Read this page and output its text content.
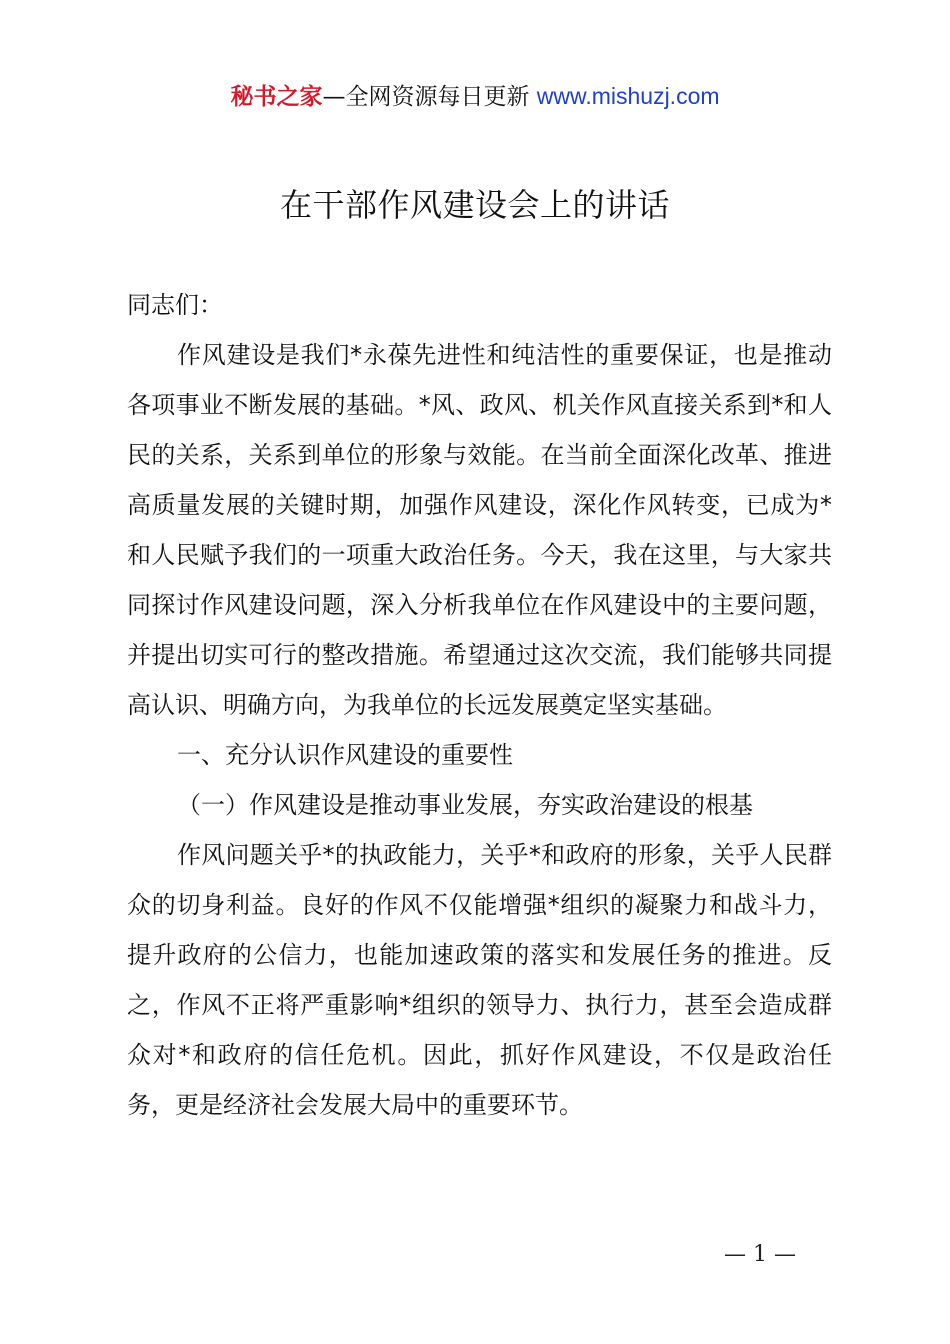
秘书之家—全网资源每日更新 www.mishuzj.com
在干部作风建设会上的讲话

同志们：

作风建设是我们*永葆先进性和纯洁性的重要保证，也是推动各项事业不断发展的基础。*风、政风、机关作风直接关系到*和人民的关系，关系到单位的形象与效能。在当前全面深化改革、推进高质量发展的关键时期，加强作风建设，深化作风转变，已成为*和人民赋予我们的一项重大政治任务。今天，我在这里，与大家共同探讨作风建设问题，深入分析我单位在作风建设中的主要问题，并提出切实可行的整改措施。希望通过这次交流，我们能够共同提高认识、明确方向，为我单位的长远发展奠定坚实基础。

一、充分认识作风建设的重要性

（一）作风建设是推动事业发展，夯实政治建设的根基

作风问题关乎*的执政能力，关乎*和政府的形象，关乎人民群众的切身利益。良好的作风不仅能增强*组织的凝聚力和战斗力，提升政府的公信力，也能加速政策的落实和发展任务的推进。反之，作风不正将严重影响*组织的领导力、执行力，甚至会造成群众对*和政府的信任危机。因此，抓好作风建设，不仅是政治任务，更是经济社会发展大局中的重要环节。

— 1 —
